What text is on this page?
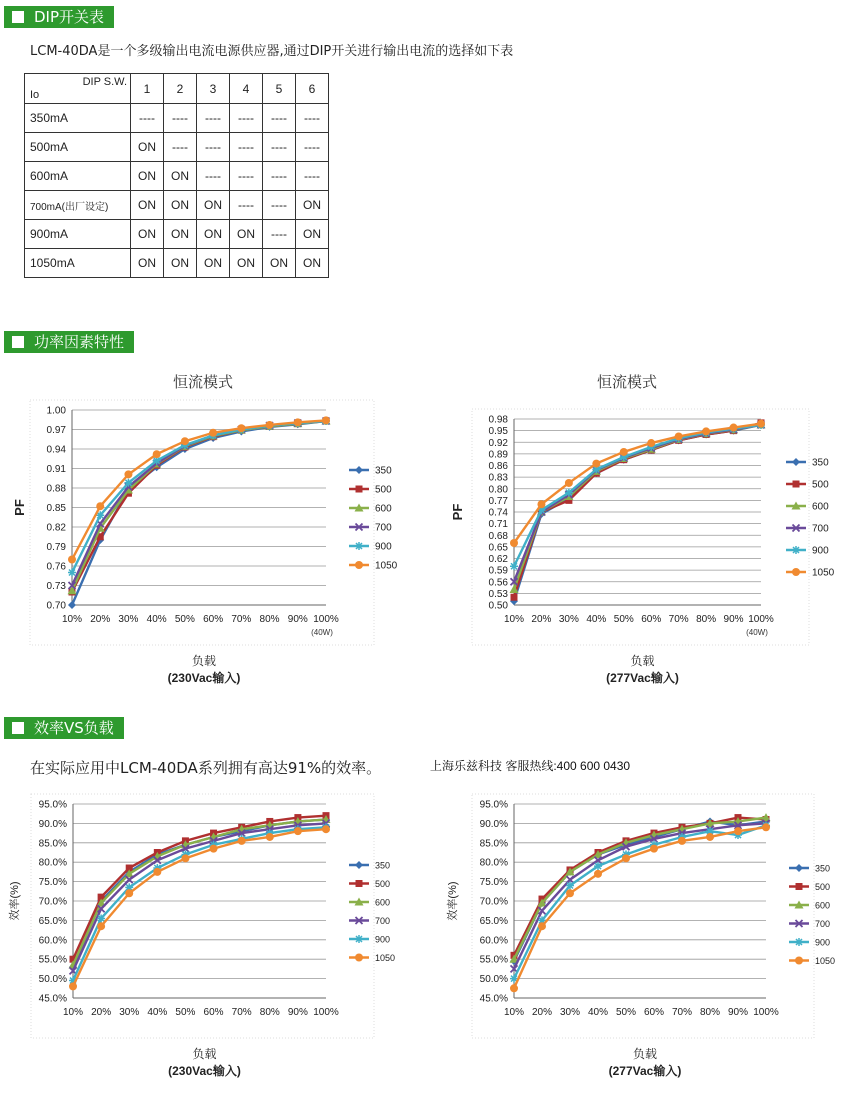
DIP开关表
LCM-40DA是一个多级输出电流电源供应器,通过DIP开关进行输出电流的选择如下表
DIP S.W.
Io	1	2	3	4	5	6
350mA	----	----	----	----	----	----
500mA	ON	----	----	----	----	----
600mA	ON	ON	----	----	----	----
700mA(出厂设定)	ON	ON	ON	----	----	ON
900mA	ON	ON	ON	ON	----	ON
1050mA	ON	ON	ON	ON	ON	ON
功率因素特性
恒流模式	恒流模式
0.70
0.73
0.76
0.79
0.82
0.85
0.88
0.91
0.94
0.97
1.00
10% 20% 30% 40% 50% 60% 70% 80% 90% 100%
(40W)
PF
负载
(230Vac输入)
350
500
600
700
900
1050
0.50
0.53
0.56
0.59
0.62
0.65
0.68
0.71
0.74
0.77
0.80
0.83
0.86
0.89
0.92
0.95
0.98
10% 20% 30% 40% 50% 60% 70% 80% 90% 100%
(40W)
PF
负载
(277Vac输入)
350
500
600
700
900
1050
效率VS负载
在实际应用中LCM-40DA系列拥有高达91%的效率。	上海乐兹科技 客服热线:400 600 0430
45.0%
50.0%
55.0%
60.0%
65.0%
70.0%
75.0%
80.0%
85.0%
90.0%
95.0%
10% 20% 30% 40% 50% 60% 70% 80% 90% 100%
效率(%)
负载
(230Vac输入)
350
500
600
700
900
1050
45.0%
50.0%
55.0%
60.0%
65.0%
70.0%
75.0%
80.0%
85.0%
90.0%
95.0%
10% 20% 30% 40% 50% 60% 70% 80% 90% 100%
效率(%)
负载
(277Vac输入)
350
500
600
700
900
1050
